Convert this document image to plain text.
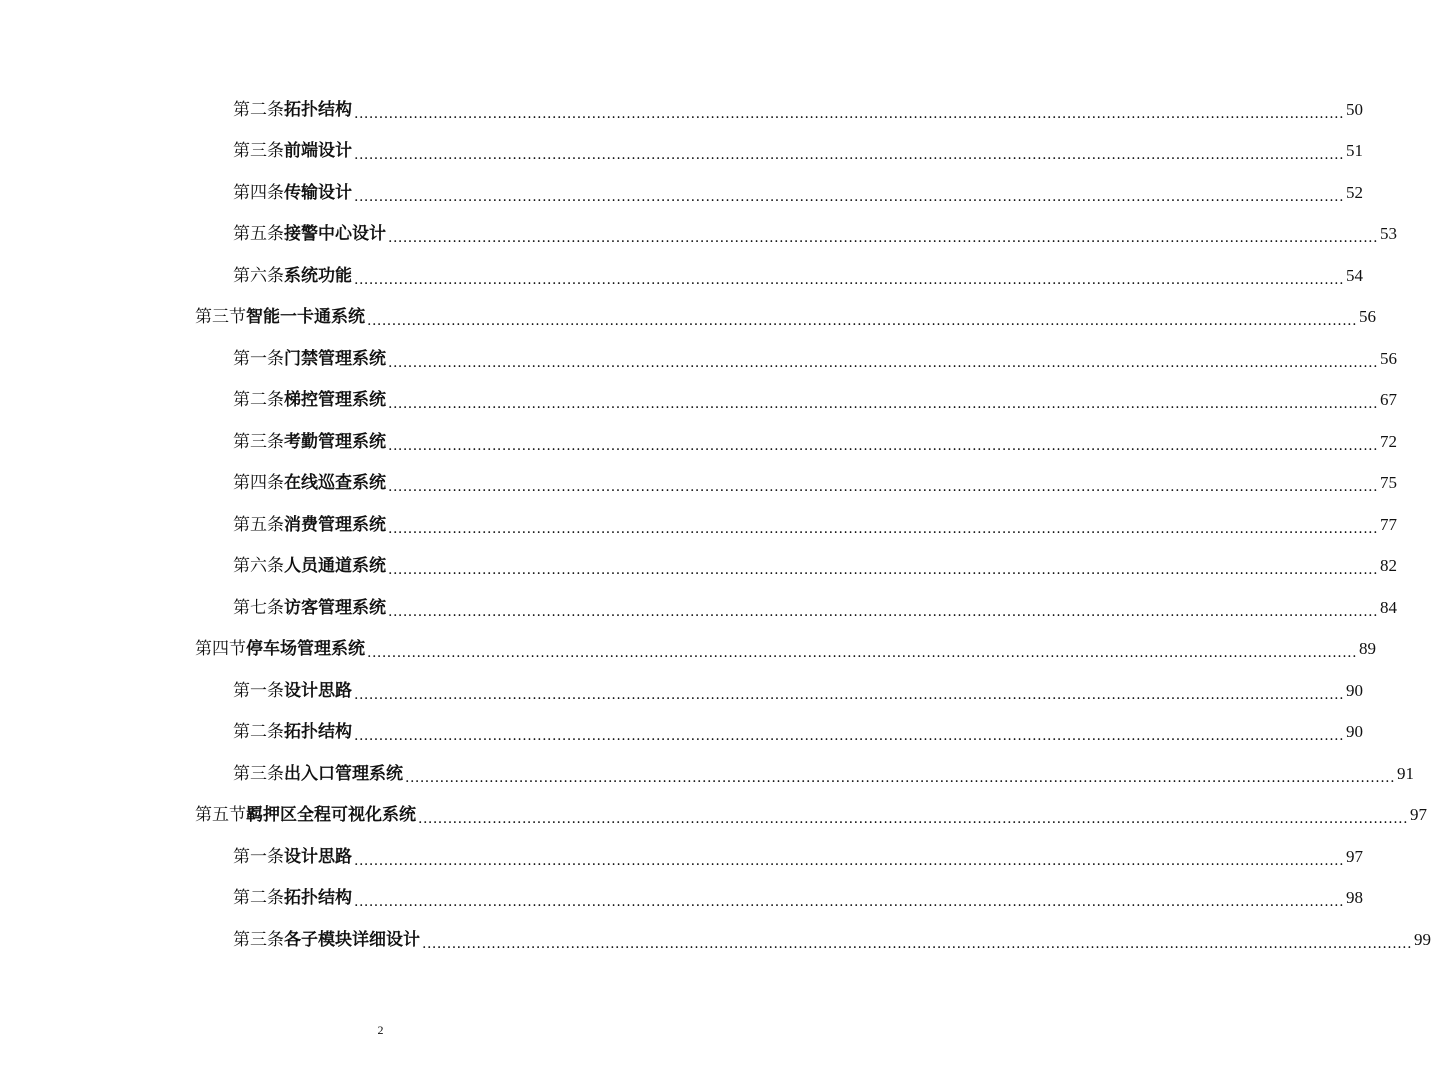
第二条 拓扑结构 ........................................................................................................................................................................................................ 50
第三条 前端设计 ........................................................................................................................................................................................................ 51
第四条 传输设计 ........................................................................................................................................................................................................ 52
第五条 接警中心设计 ........................................................................................................................................................................................................ 53
第六条 系统功能 ........................................................................................................................................................................................................ 54
第三节 智能一卡通系统 ........................................................................................................................................................................................................ 56
第一条 门禁管理系统 ........................................................................................................................................................................................................ 56
第二条 梯控管理系统 ........................................................................................................................................................................................................ 67
第三条 考勤管理系统 ........................................................................................................................................................................................................ 72
第四条 在线巡查系统 ........................................................................................................................................................................................................ 75
第五条 消费管理系统 ........................................................................................................................................................................................................ 77
第六条 人员通道系统 ........................................................................................................................................................................................................ 82
第七条 访客管理系统 ........................................................................................................................................................................................................ 84
第四节 停车场管理系统 ........................................................................................................................................................................................................ 89
第一条 设计思路 ........................................................................................................................................................................................................ 90
第二条 拓扑结构 ........................................................................................................................................................................................................ 90
第三条 出入口管理系统 ........................................................................................................................................................................................................ 91
第五节 羁押区全程可视化系统 ........................................................................................................................................................................................................ 97
第一条 设计思路 ........................................................................................................................................................................................................ 97
第二条 拓扑结构 ........................................................................................................................................................................................................ 98
第三条 各子模块详细设计 ........................................................................................................................................................................................................ 99
2
